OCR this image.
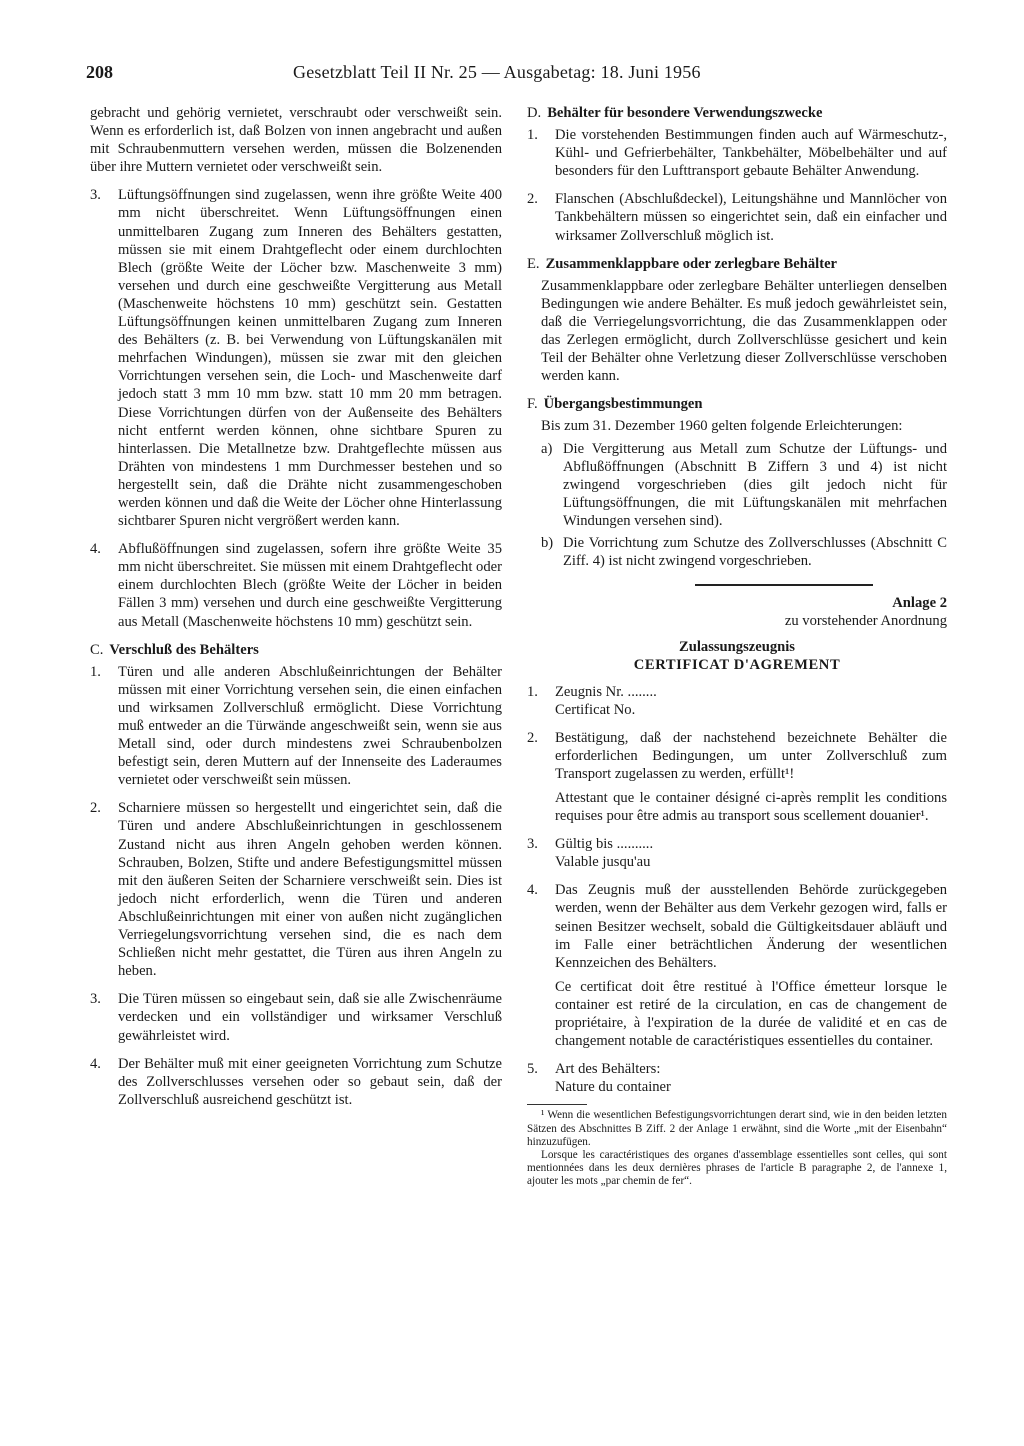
208	Gesetzblatt Teil II Nr. 25 — Ausgabetag: 18. Juni 1956

gebracht und gehörig vernietet, verschraubt oder verschweißt sein. Wenn es erforderlich ist, daß Bolzen von innen angebracht und außen mit Schraubenmuttern versehen werden, müssen die Bolzenenden über ihre Muttern vernietet oder verschweißt sein.

3. Lüftungsöffnungen sind zugelassen, wenn ihre größte Weite 400 mm nicht überschreitet. Wenn Lüftungsöffnungen einen unmittelbaren Zugang zum Inneren des Behälters gestatten, müssen sie mit einem Drahtgeflecht oder einem durchlochten Blech (größte Weite der Löcher bzw. Maschenweite 3 mm) versehen und durch eine geschweißte Vergitterung aus Metall (Maschenweite höchstens 10 mm) geschützt sein. Gestatten Lüftungsöffnungen keinen unmittelbaren Zugang zum Inneren des Behälters (z. B. bei Verwendung von Lüftungskanälen mit mehrfachen Windungen), müssen sie zwar mit den gleichen Vorrichtungen versehen sein, die Loch- und Maschenweite darf jedoch statt 3 mm 10 mm bzw. statt 10 mm 20 mm betragen. Diese Vorrichtungen dürfen von der Außenseite des Behälters nicht entfernt werden können, ohne sichtbare Spuren zu hinterlassen. Die Metallnetze bzw. Drahtgeflechte müssen aus Drähten von mindestens 1 mm Durchmesser bestehen und so hergestellt sein, daß die Drähte nicht zusammengeschoben werden können und daß die Weite der Löcher ohne Hinterlassung sichtbarer Spuren nicht vergrößert werden kann.

4. Abflußöffnungen sind zugelassen, sofern ihre größte Weite 35 mm nicht überschreitet. Sie müssen mit einem Drahtgeflecht oder einem durchlochten Blech (größte Weite der Löcher in beiden Fällen 3 mm) versehen und durch eine geschweißte Vergitterung aus Metall (Maschenweite höchstens 10 mm) geschützt sein.

C. Verschluß des Behälters
1. Türen und alle anderen Abschlußeinrichtungen der Behälter müssen mit einer Vorrichtung versehen sein, die einen einfachen und wirksamen Zollverschluß ermöglicht. Diese Vorrichtung muß entweder an die Türwände angeschweißt sein, wenn sie aus Metall sind, oder durch mindestens zwei Schraubenbolzen befestigt sein, deren Muttern auf der Innenseite des Laderaumes vernietet oder verschweißt sein müssen.

2. Scharniere müssen so hergestellt und eingerichtet sein, daß die Türen und andere Abschlußeinrichtungen in geschlossenem Zustand nicht aus ihren Angeln gehoben werden können. Schrauben, Bolzen, Stifte und andere Befestigungsmittel müssen mit den äußeren Seiten der Scharniere verschweißt sein. Dies ist jedoch nicht erforderlich, wenn die Türen und anderen Abschlußeinrichtungen mit einer von außen nicht zugänglichen Verriegelungsvorrichtung versehen sind, die es nach dem Schließen nicht mehr gestattet, die Türen aus ihren Angeln zu heben.

3. Die Türen müssen so eingebaut sein, daß sie alle Zwischenräume verdecken und ein vollständiger und wirksamer Verschluß gewährleistet wird.

4. Der Behälter muß mit einer geeigneten Vorrichtung zum Schutze des Zollverschlusses versehen oder so gebaut sein, daß der Zollverschluß ausreichend geschützt ist.

D. Behälter für besondere Verwendungszwecke
1. Die vorstehenden Bestimmungen finden auch auf Wärmeschutz-, Kühl- und Gefrierbehälter, Tankbehälter, Möbelbehälter und auf besonders für den Lufttransport gebaute Behälter Anwendung.

2. Flanschen (Abschlußdeckel), Leitungshähne und Mannlöcher von Tankbehältern müssen so eingerichtet sein, daß ein einfacher und wirksamer Zollverschluß möglich ist.

E. Zusammenklappbare oder zerlegbare Behälter

Zusammenklappbare oder zerlegbare Behälter unterliegen denselben Bedingungen wie andere Behälter. Es muß jedoch gewährleistet sein, daß die Verriegelungsvorrichtung, die das Zusammenklappen oder das Zerlegen ermöglicht, durch Zollverschlüsse gesichert und kein Teil der Behälter ohne Verletzung dieser Zollverschlüsse verschoben werden kann.

F. Übergangsbestimmungen

Bis zum 31. Dezember 1960 gelten folgende Erleichterungen:

a) Die Vergitterung aus Metall zum Schutze der Lüftungs- und Abflußöffnungen (Abschnitt B Ziffern 3 und 4) ist nicht zwingend vorgeschrieben (dies gilt jedoch nicht für Lüftungsöffnungen, die mit Lüftungskanälen mit mehrfachen Windungen versehen sind).

b) Die Vorrichtung zum Schutze des Zollverschlusses (Abschnitt C Ziff. 4) ist nicht zwingend vorgeschrieben.

Anlage 2
zu vorstehender Anordnung
Zulassungszeugnis
CERTIFICAT D'AGREMENT
1. Zeugnis Nr. ........

Certificat No.

2. Bestätigung, daß der nachstehend bezeichnete Behälter die erforderlichen Bedingungen, um unter Zollverschluß zum Transport zugelassen zu werden, erfüllt¹!

Attestant que le container désigné ci-après remplit les conditions requises pour être admis au transport sous scellement douanier¹.

3. Gültig bis ..........

Valable jusqu'au

4. Das Zeugnis muß der ausstellenden Behörde zurückgegeben werden, wenn der Behälter aus dem Verkehr gezogen wird, falls er seinen Besitzer wechselt, sobald die Gültigkeitsdauer abläuft und im Falle einer beträchtlichen Änderung der wesentlichen Kennzeichen des Behälters.

Ce certificat doit être restitué à l'Office émetteur lorsque le container est retiré de la circulation, en cas de changement de propriétaire, à l'expiration de la durée de validité et en cas de changement notable de caractéristiques essentielles du container.

5. Art des Behälters:

Nature du container

¹ Wenn die wesentlichen Befestigungsvorrichtungen derart sind, wie in den beiden letzten Sätzen des Abschnittes B Ziff. 2 der Anlage 1 erwähnt, sind die Worte „mit der Eisenbahn“ hinzuzufügen.

Lorsque les caractéristiques des organes d'assemblage essentielles sont celles, qui sont mentionnées dans les deux dernières phrases de l'article B paragraphe 2, de l'annexe 1, ajouter les mots „par chemin de fer“.
